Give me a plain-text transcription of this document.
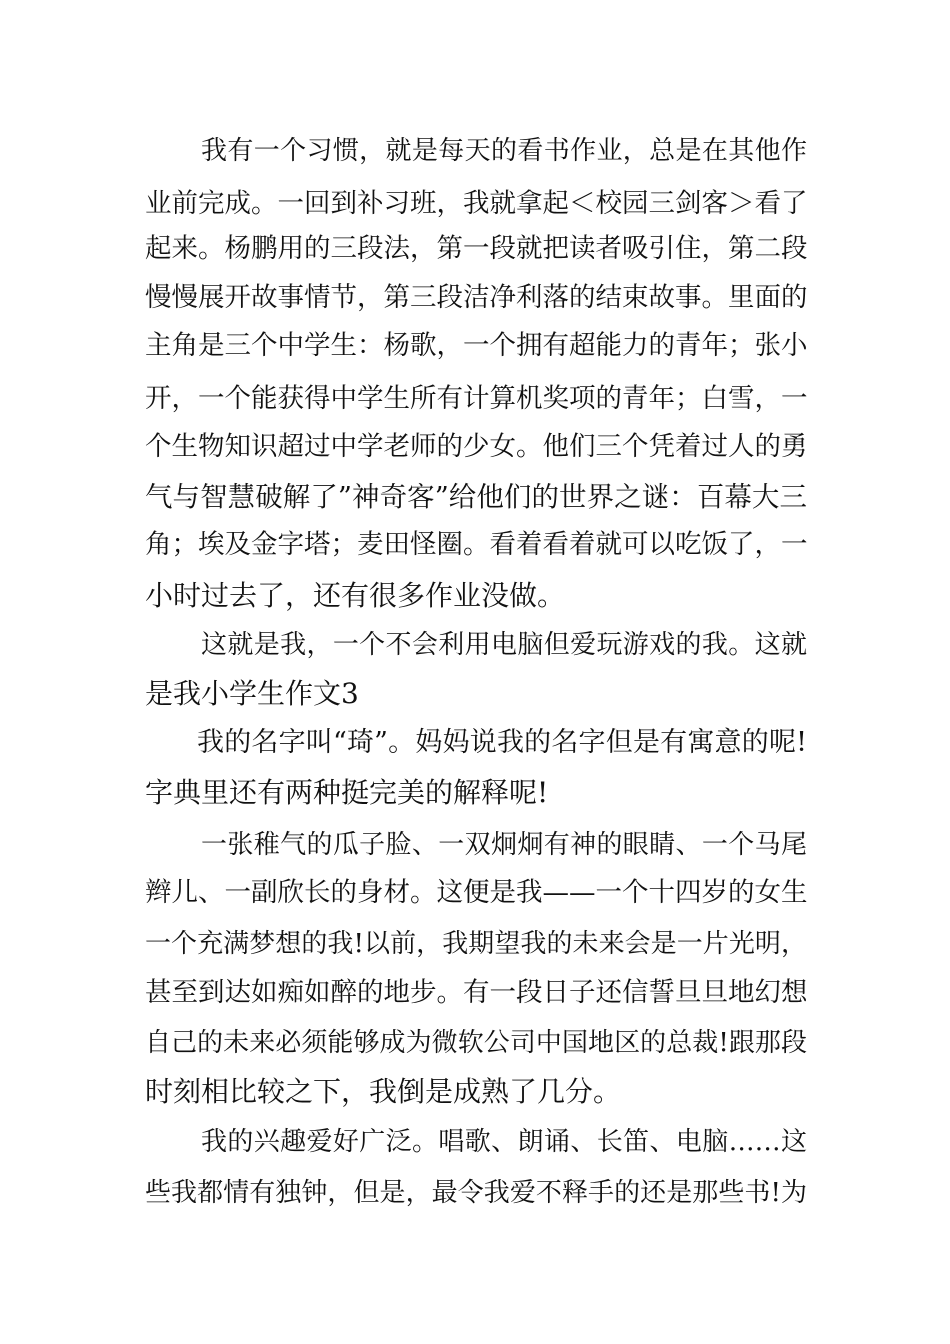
我有一个习惯，就是每天的看书作业，总是在其他作
业前完成。一回到补习班，我就拿起＜校园三剑客＞看了
起来。杨鹏用的三段法，第一段就把读者吸引住，第二段
慢慢展开故事情节，第三段洁净利落的结束故事。里面的
主角是三个中学生：杨歌，一个拥有超能力的青年；张小
开，一个能获得中学生所有计算机奖项的青年；白雪，一
个生物知识超过中学老师的少女。他们三个凭着过人的勇
气与智慧破解了”神奇客”给他们的世界之谜：百幕大三
角；埃及金字塔；麦田怪圈。看着看着就可以吃饭了，一
小时过去了，还有很多作业没做。
这就是我，一个不会利用电脑但爱玩游戏的我。这就
是我小学生作文3
我的名字叫“琦”。妈妈说我的名字但是有寓意的呢!
字典里还有两种挺完美的解释呢!
一张稚气的瓜子脸、一双炯炯有神的眼睛、一个马尾
辫儿、一副欣长的身材。这便是我——一个十四岁的女生
一个充满梦想的我!以前，我期望我的未来会是一片光明，
甚至到达如痴如醉的地步。有一段日子还信誓旦旦地幻想
自己的未来必须能够成为微软公司中国地区的总裁!跟那段
时刻相比较之下，我倒是成熟了几分。
我的兴趣爱好广泛。唱歌、朗诵、长笛、电脑……这
些我都情有独钟，但是，最令我爱不释手的还是那些书!为
